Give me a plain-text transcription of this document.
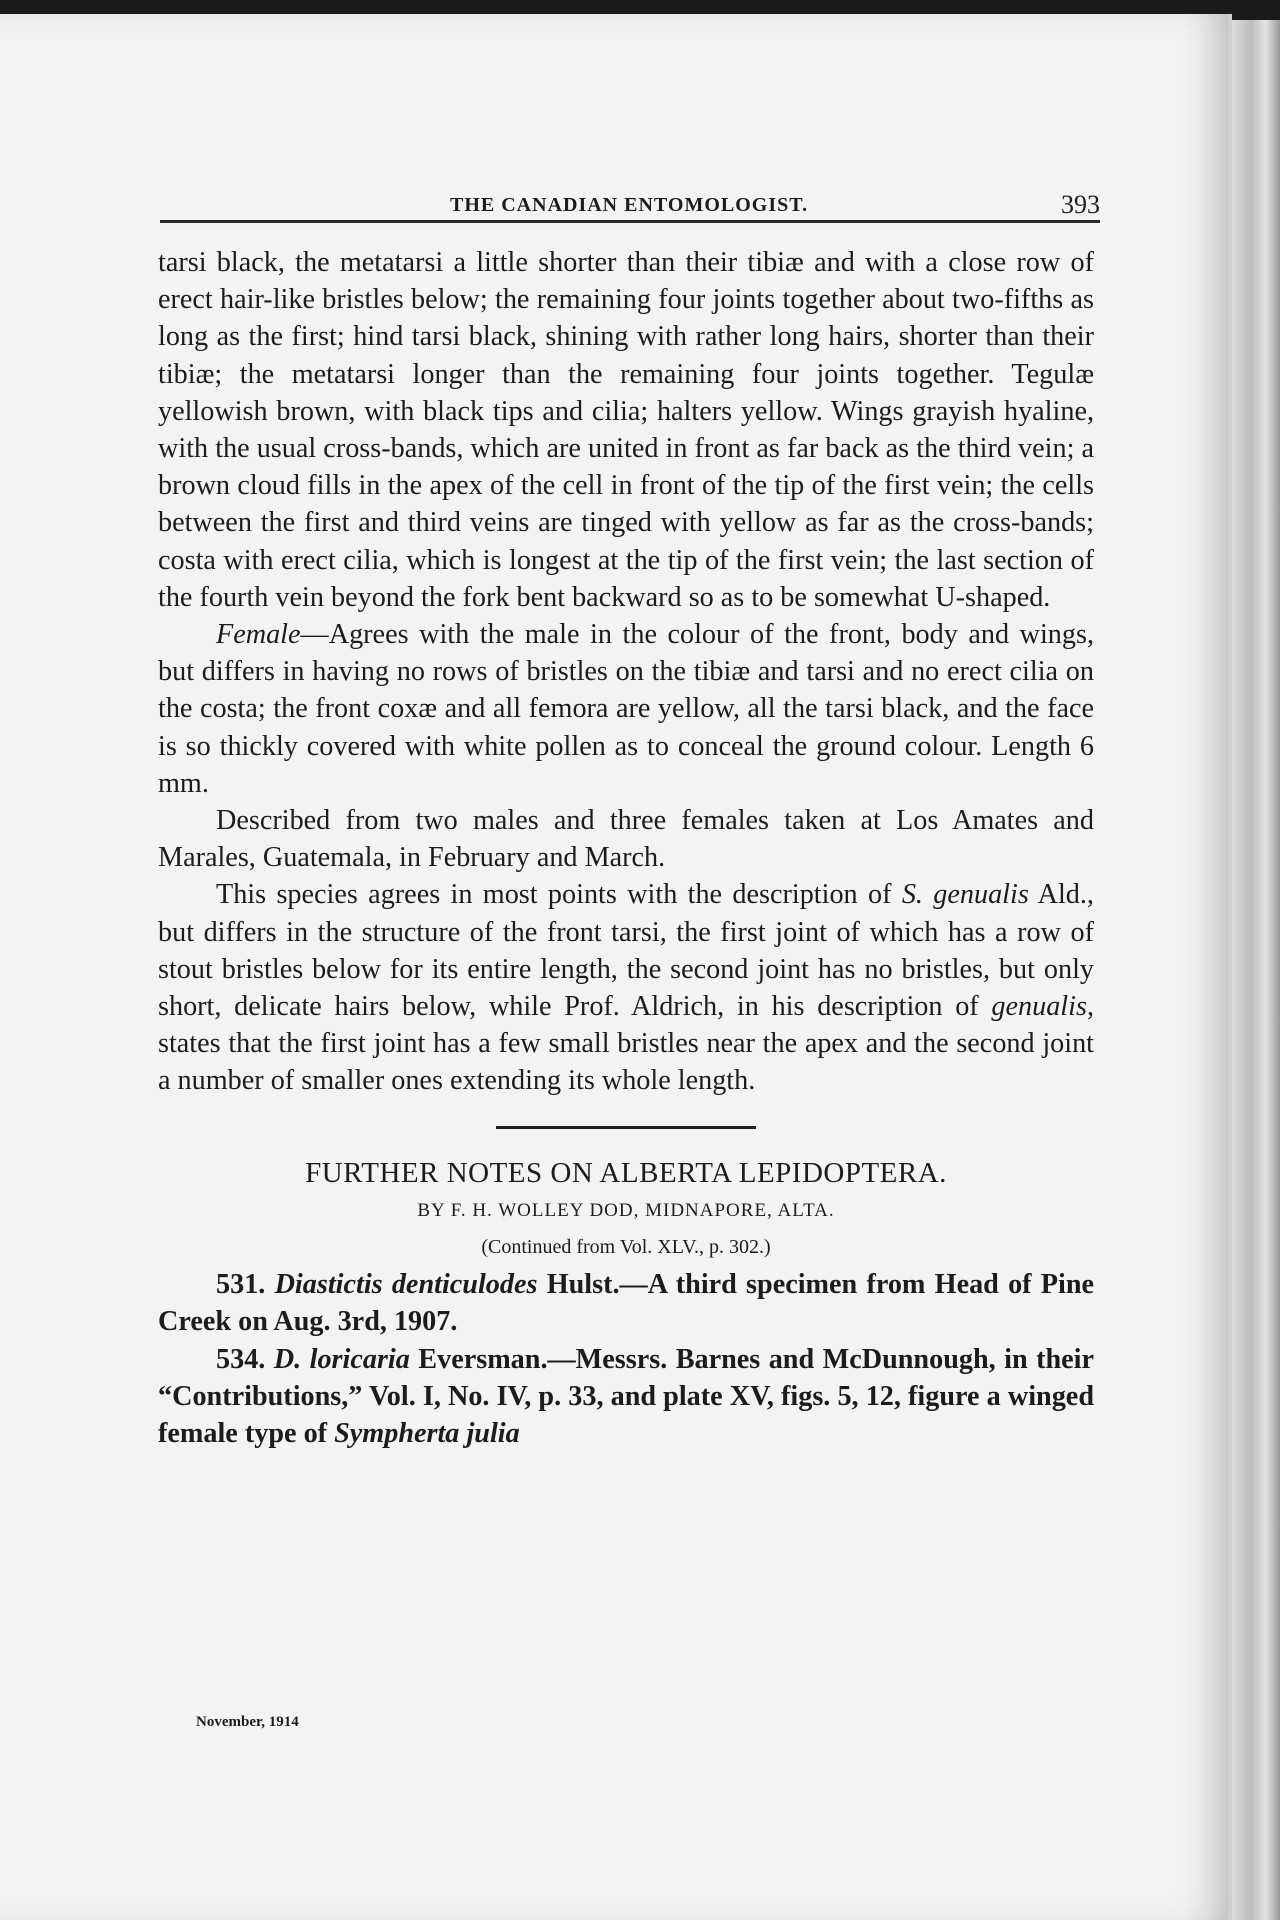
THE CANADIAN ENTOMOLOGIST.	393

tarsi black, the metatarsi a little shorter than their tibiæ and with a close row of erect hair-like bristles below; the remaining four joints together about two-fifths as long as the first; hind tarsi black, shining with rather long hairs, shorter than their tibiæ; the metatarsi longer than the remaining four joints together. Tegulæ yellowish brown, with black tips and cilia; halters yellow. Wings grayish hyaline, with the usual cross-bands, which are united in front as far back as the third vein; a brown cloud fills in the apex of the cell in front of the tip of the first vein; the cells between the first and third veins are tinged with yellow as far as the cross-bands; costa with erect cilia, which is longest at the tip of the first vein; the last section of the fourth vein beyond the fork bent backward so as to be somewhat U-shaped.

Female—Agrees with the male in the colour of the front, body and wings, but differs in having no rows of bristles on the tibiæ and tarsi and no erect cilia on the costa; the front coxæ and all femora are yellow, all the tarsi black, and the face is so thickly covered with white pollen as to conceal the ground colour. Length 6 mm.

Described from two males and three females taken at Los Amates and Marales, Guatemala, in February and March.

This species agrees in most points with the description of S. genualis Ald., but differs in the structure of the front tarsi, the first joint of which has a row of stout bristles below for its entire length, the second joint has no bristles, but only short, delicate hairs below, while Prof. Aldrich, in his description of genualis, states that the first joint has a few small bristles near the apex and the second joint a number of smaller ones extending its whole length.

FURTHER NOTES ON ALBERTA LEPIDOPTERA.

BY F. H. WOLLEY DOD, MIDNAPORE, ALTA.

(Continued from Vol. XLV., p. 302.)

531. Diastictis denticulodes Hulst.—A third specimen from Head of Pine Creek on Aug. 3rd, 1907.

534. D. loricaria Eversman.—Messrs. Barnes and McDunnough, in their “Contributions,” Vol. I, No. IV, p. 33, and plate XV, figs. 5, 12, figure a winged female type of Sympherta julia

November, 1914
